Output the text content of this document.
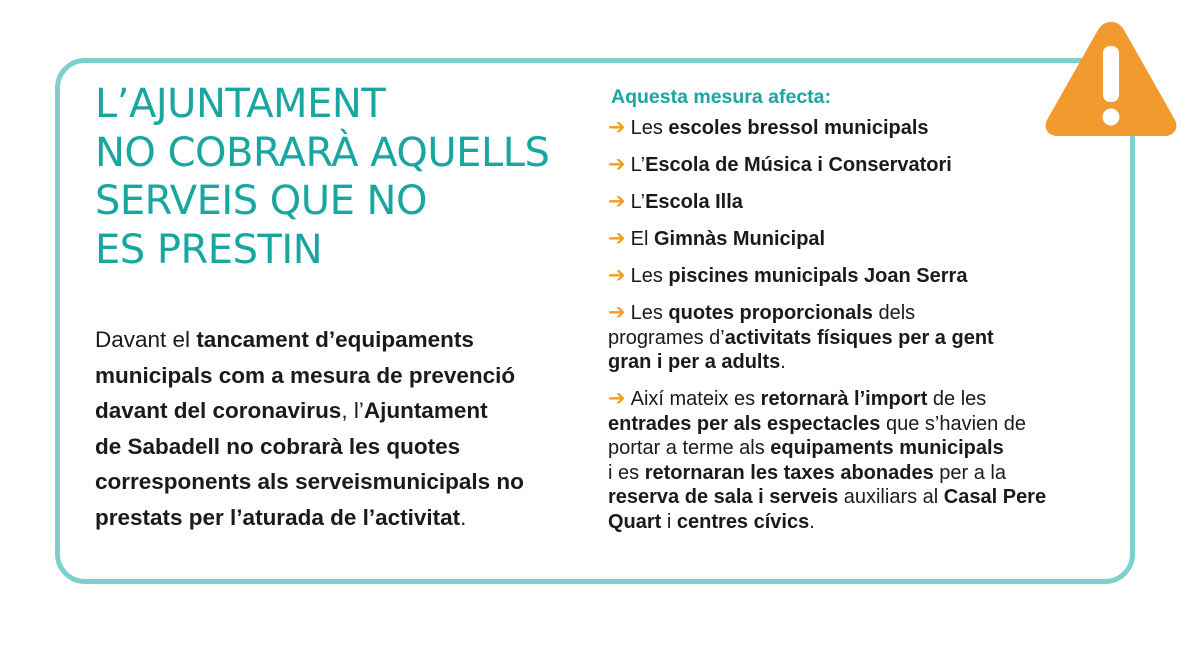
L’AJUNTAMENT
NO COBRARÀ AQUELLS
SERVEIS QUE NO
ES PRESTIN

Davant el tancament d’equipaments
municipals com a mesura de prevenció
davant del coronavirus, l’Ajuntament
de Sabadell no cobrarà les quotes
corresponents als serveismunicipals no
prestats per l’aturada de l’activitat.

Aquesta mesura afecta:
➔ Les escoles bressol municipals
➔ L’Escola de Música i Conservatori
➔ L’Escola Illa
➔ El Gimnàs Municipal
➔ Les piscines municipals Joan Serra
➔ Les quotes proporcionals dels
programes d’activitats físiques per a gent
gran i per a adults.
➔ Així mateix es retornarà l’import de les
entrades per als espectacles que s’havien de
portar a terme als equipaments municipals
i es retornaran les taxes abonades per a la
reserva de sala i serveis auxiliars al Casal Pere
Quart i centres cívics.
